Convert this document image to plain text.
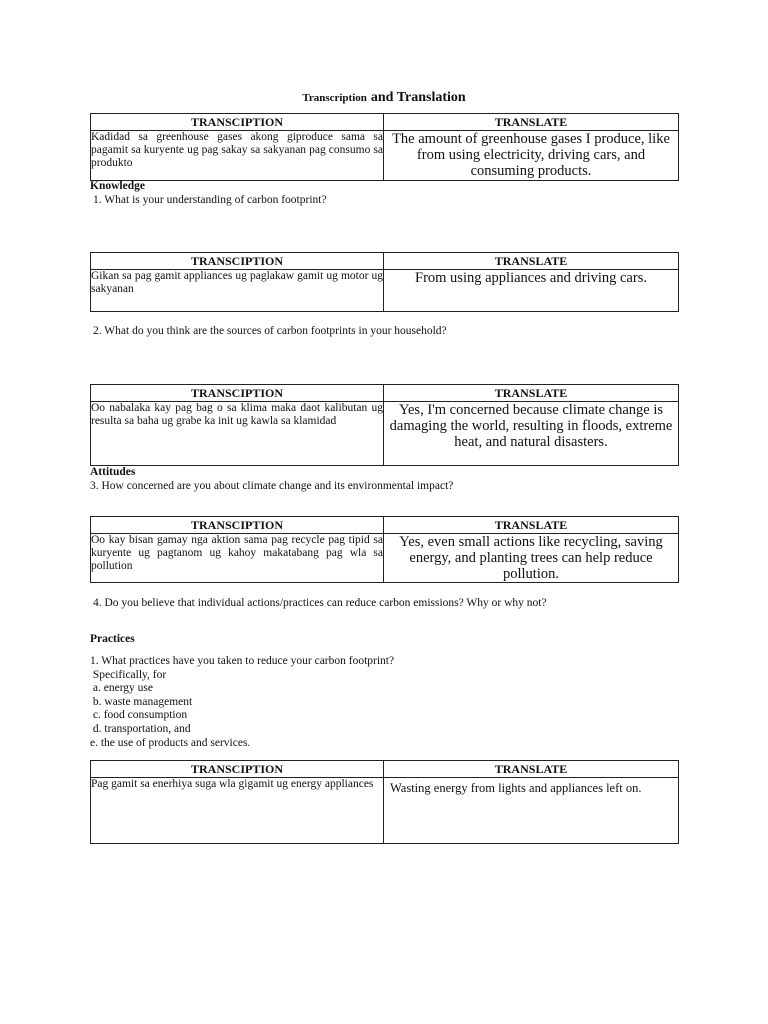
Transcription and Translation
TRANSCIPTION	TRANSLATE
Kadidad sa greenhouse gases akong giproduce sama sa pagamit sa kuryente ug pag sakay sa sakyanan pag consumo sa produkto	The amount of greenhouse gases I produce, like from using electricity, driving cars, and consuming products.
Knowledge
1. What is your understanding of carbon footprint?
TRANSCIPTION	TRANSLATE
Gikan sa pag gamit appliances ug paglakaw gamit ug motor ug sakyanan	From using appliances and driving cars.
2. What do you think are the sources of carbon footprints in your household?
TRANSCIPTION	TRANSLATE
Oo nabalaka kay pag bag o sa klima maka daot kalibutan ug resulta sa baha ug grabe ka init ug kawla sa klamidad	Yes, I'm concerned because climate change is damaging the world, resulting in floods, extreme heat, and natural disasters.
Attitudes
3. How concerned are you about climate change and its environmental impact?
TRANSCIPTION	TRANSLATE
Oo kay bisan gamay nga aktion sama pag recycle pag tipid sa kuryente ug pagtanom ug kahoy makatabang pag wla sa pollution	Yes, even small actions like recycling, saving energy, and planting trees can help reduce pollution.
4. Do you believe that individual actions/practices can reduce carbon emissions? Why or why not?
Practices
1. What practices have you taken to reduce your carbon footprint?
Specifically, for
a. energy use
b. waste management
c. food consumption
d. transportation, and
e. the use of products and services.
TRANSCIPTION	TRANSLATE
Pag gamit sa enerhiya suga wla gigamit ug energy appliances	Wasting energy from lights and appliances left on.
